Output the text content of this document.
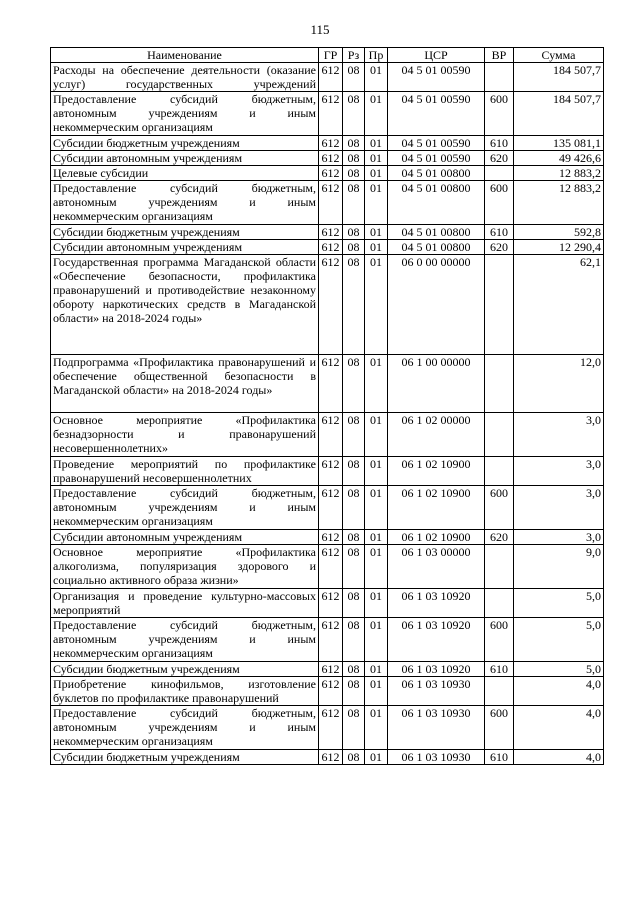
115
Наименование	ГР	Рз	Пр	ЦСР	ВР	Сумма
Расходы на обеспечение деятельности (оказание услуг) государственных учреждений	612	08	01	04 5 01 00590		184 507,7
Предоставление субсидий бюджетным, автономным учреждениям и иным некоммерческим организациям	612	08	01	04 5 01 00590	600	184 507,7
Субсидии бюджетным учреждениям	612	08	01	04 5 01 00590	610	135 081,1
Субсидии автономным учреждениям	612	08	01	04 5 01 00590	620	49 426,6
Целевые субсидии	612	08	01	04 5 01 00800		12 883,2
Предоставление субсидий бюджетным, автономным учреждениям и иным некоммерческим организациям	612	08	01	04 5 01 00800	600	12 883,2
Субсидии бюджетным учреждениям	612	08	01	04 5 01 00800	610	592,8
Субсидии автономным учреждениям	612	08	01	04 5 01 00800	620	12 290,4
Государственная программа Магаданской области «Обеспечение безопасности, профилактика правонарушений и противодействие незаконному обороту наркотических средств в Магаданской области» на 2018-2024 годы»	612	08	01	06 0 00 00000		62,1
Подпрограмма «Профилактика правонарушений и обеспечение общественной безопасности в Магаданской области» на 2018-2024 годы»	612	08	01	06 1 00 00000		12,0
Основное мероприятие «Профилактика безнадзорности и правонарушений несовершеннолетних»	612	08	01	06 1 02 00000		3,0
Проведение мероприятий по профилактике правонарушений несовершеннолетних	612	08	01	06 1 02 10900		3,0
Предоставление субсидий бюджетным, автономным учреждениям и иным некоммерческим организациям	612	08	01	06 1 02 10900	600	3,0
Субсидии автономным учреждениям	612	08	01	06 1 02 10900	620	3,0
Основное мероприятие «Профилактика алкоголизма, популяризация здорового и социально активного образа жизни»	612	08	01	06 1 03 00000		9,0
Организация и проведение культурно-массовых мероприятий	612	08	01	06 1 03 10920		5,0
Предоставление субсидий бюджетным, автономным учреждениям и иным некоммерческим организациям	612	08	01	06 1 03 10920	600	5,0
Субсидии бюджетным учреждениям	612	08	01	06 1 03 10920	610	5,0
Приобретение кинофильмов, изготовление буклетов по профилактике правонарушений	612	08	01	06 1 03 10930		4,0
Предоставление субсидий бюджетным, автономным учреждениям и иным некоммерческим организациям	612	08	01	06 1 03 10930	600	4,0
Субсидии бюджетным учреждениям	612	08	01	06 1 03 10930	610	4,0
